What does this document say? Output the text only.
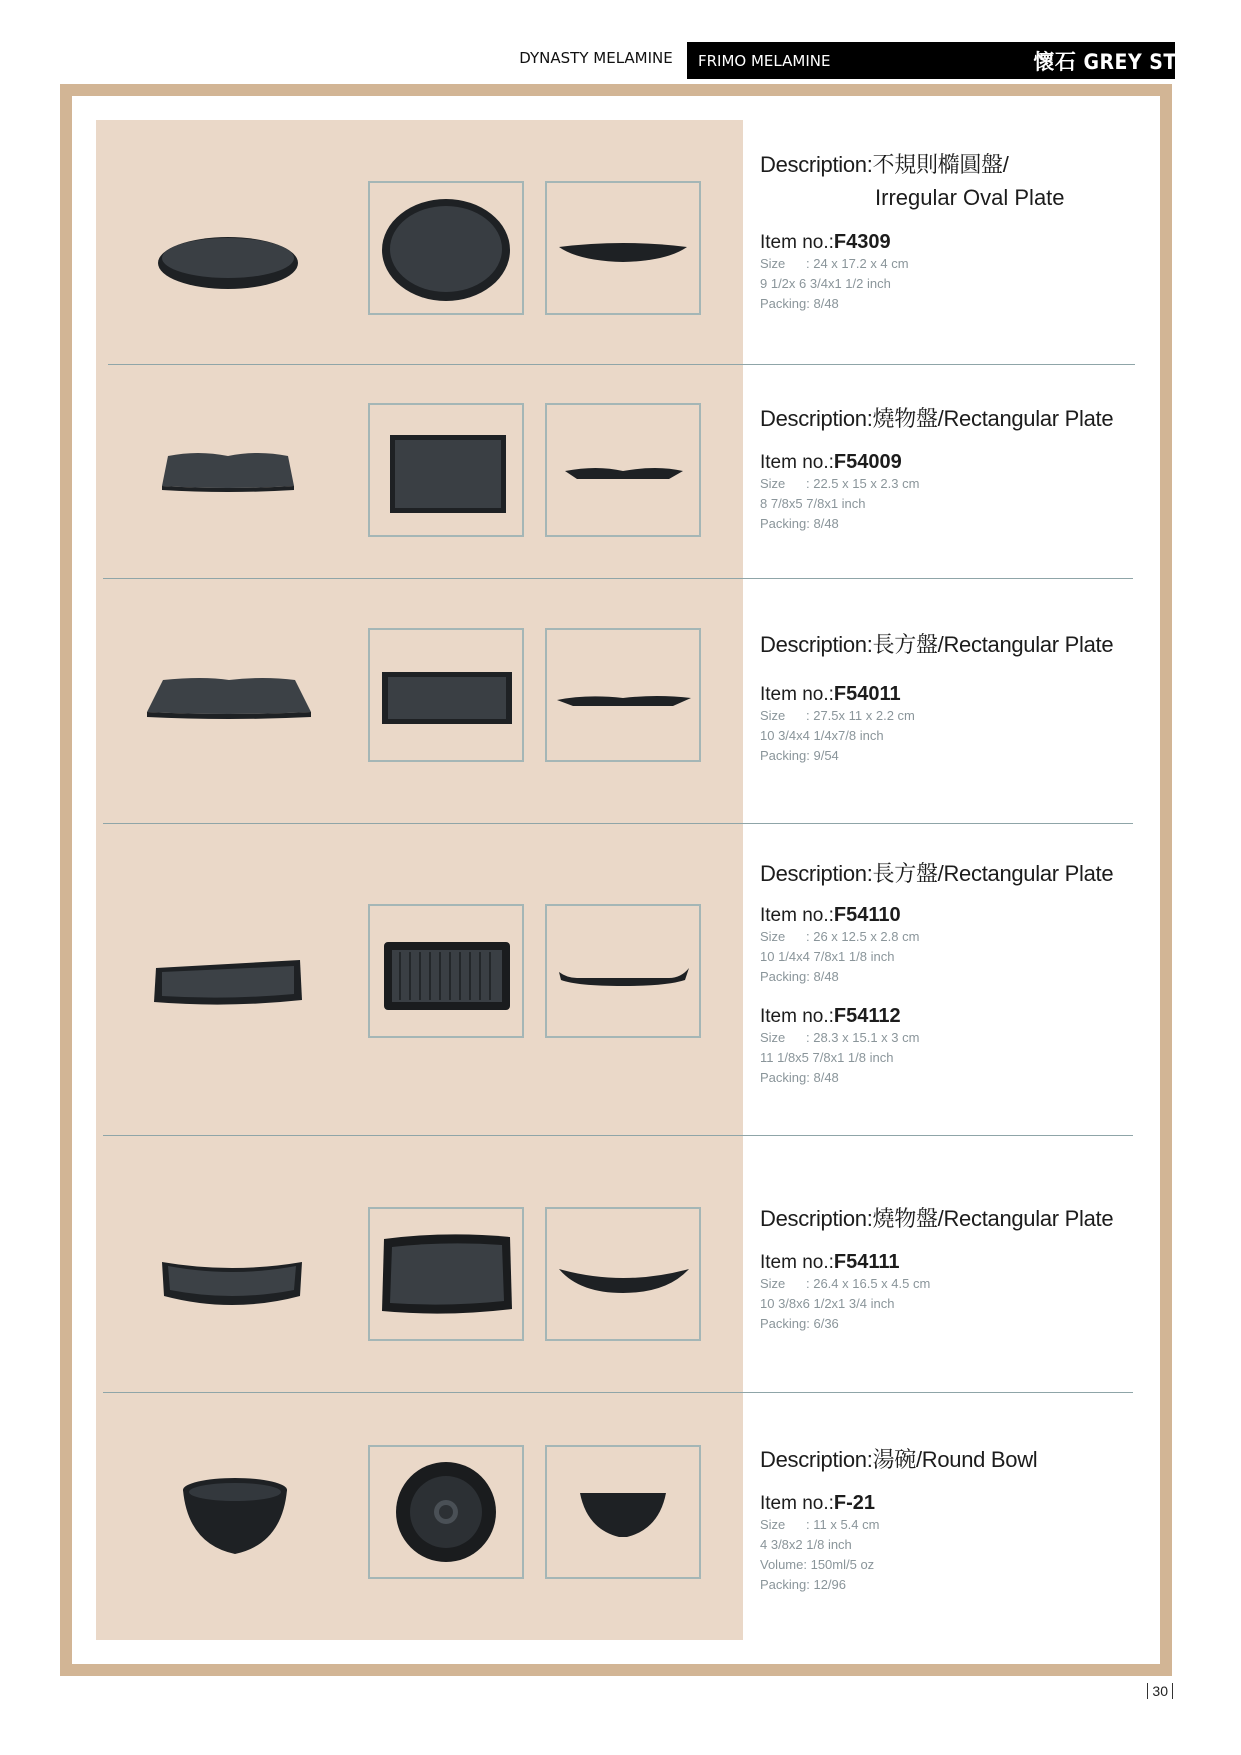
DYNASTY MELAMINE FRIMO MELAMINE	懷石 GREY STONE
Description:不規則橢圓盤/
Irregular Oval Plate
Item no.:F4309
Size : 24 x 17.2 x 4 cm
9 1/2x 6 3/4x1 1/2 inch
Packing: 8/48
Description:燒物盤/Rectangular Plate
Item no.:F54009
Size : 22.5 x 15 x 2.3 cm
8 7/8x5 7/8x1 inch
Packing: 8/48
Description:長方盤/Rectangular Plate
Item no.:F54011
Size : 27.5x 11 x 2.2 cm
10 3/4x4 1/4x7/8 inch
Packing: 9/54
Description:長方盤/Rectangular Plate
Item no.:F54110
Size : 26 x 12.5 x 2.8 cm
10 1/4x4 7/8x1 1/8 inch
Packing: 8/48
Item no.:F54112
Size : 28.3 x 15.1 x 3 cm
11 1/8x5 7/8x1 1/8 inch
Packing: 8/48
Description:燒物盤/Rectangular Plate
Item no.:F54111
Size : 26.4 x 16.5 x 4.5 cm
10 3/8x6 1/2x1 3/4 inch
Packing: 6/36
Description:湯碗/Round Bowl
Item no.:F-21
Size : 11 x 5.4 cm
4 3/8x2 1/8 inch
Volume: 150ml/5 oz
Packing: 12/96
30
